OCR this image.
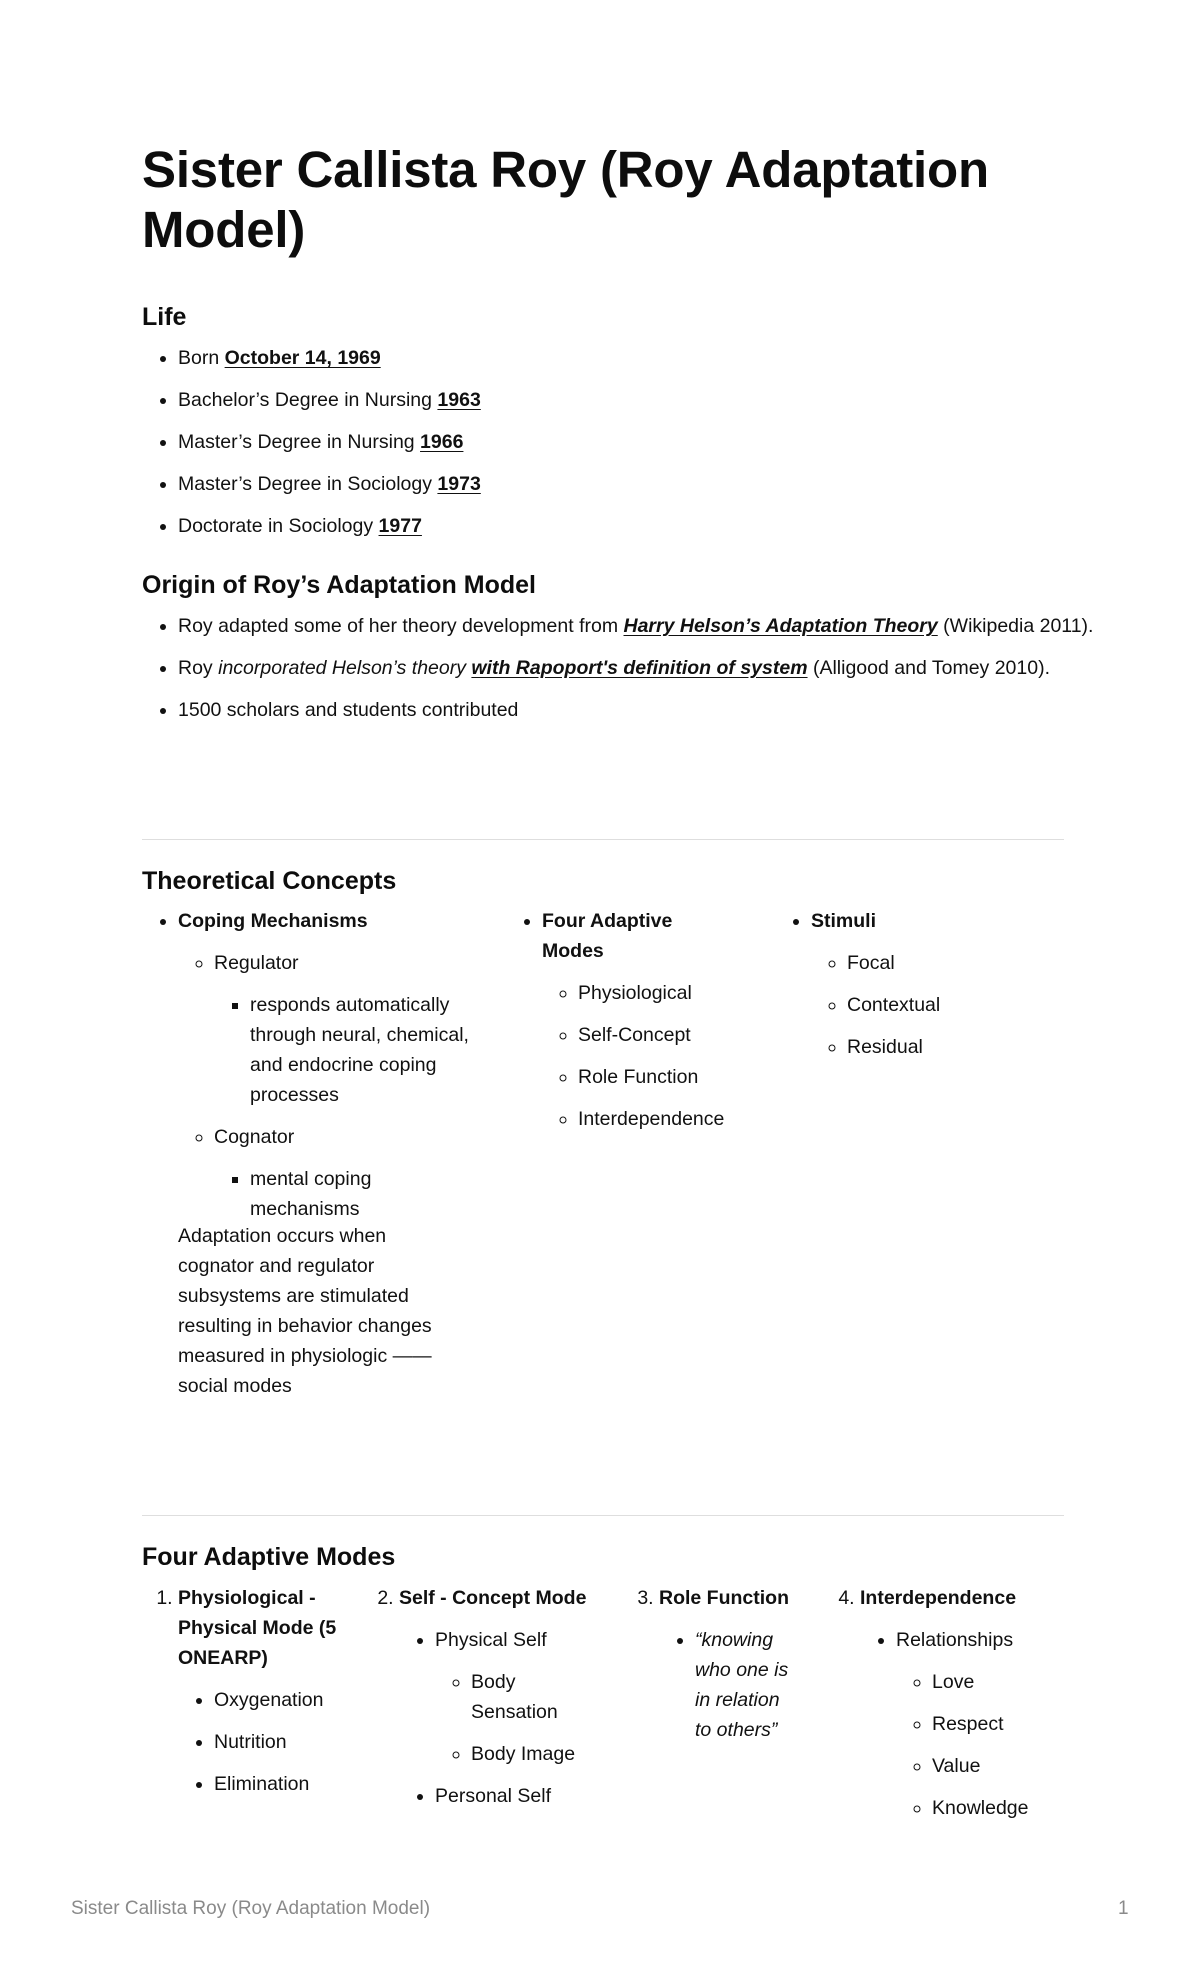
Sister Callista Roy (Roy Adaptation Model)
Life
• Born October 14, 1969
• Bachelor’s Degree in Nursing 1963
• Master’s Degree in Nursing 1966
• Master’s Degree in Sociology 1973
• Doctorate in Sociology 1977
Origin of Roy’s Adaptation Model
• Roy adapted some of her theory development from Harry Helson’s Adaptation Theory (Wikipedia 2011).
• Roy incorporated Helson’s theory with Rapoport's definition of system (Alligood and Tomey 2010).
• 1500 scholars and students contributed
Theoretical Concepts
• Coping Mechanisms
◦ Regulator
▪ responds automatically through neural, chemical, and endocrine coping processes
◦ Cognator
▪ mental coping mechanisms
Adaptation occurs when cognator and regulator subsystems are stimulated resulting in behavior changes measured in physiologic —— social modes
• Four Adaptive Modes
◦ Physiological
◦ Self-Concept
◦ Role Function
◦ Interdependence
• Stimuli
◦ Focal
◦ Contextual
◦ Residual
Four Adaptive Modes
1. Physiological - Physical Mode (5 ONEARP)
• Oxygenation
• Nutrition
• Elimination
2. Self - Concept Mode
• Physical Self
◦ Body Sensation
◦ Body Image
• Personal Self
3. Role Function
• “knowing who one is in relation to others”
4. Interdependence
• Relationships
◦ Love
◦ Respect
◦ Value
◦ Knowledge
Sister Callista Roy (Roy Adaptation Model)	1
